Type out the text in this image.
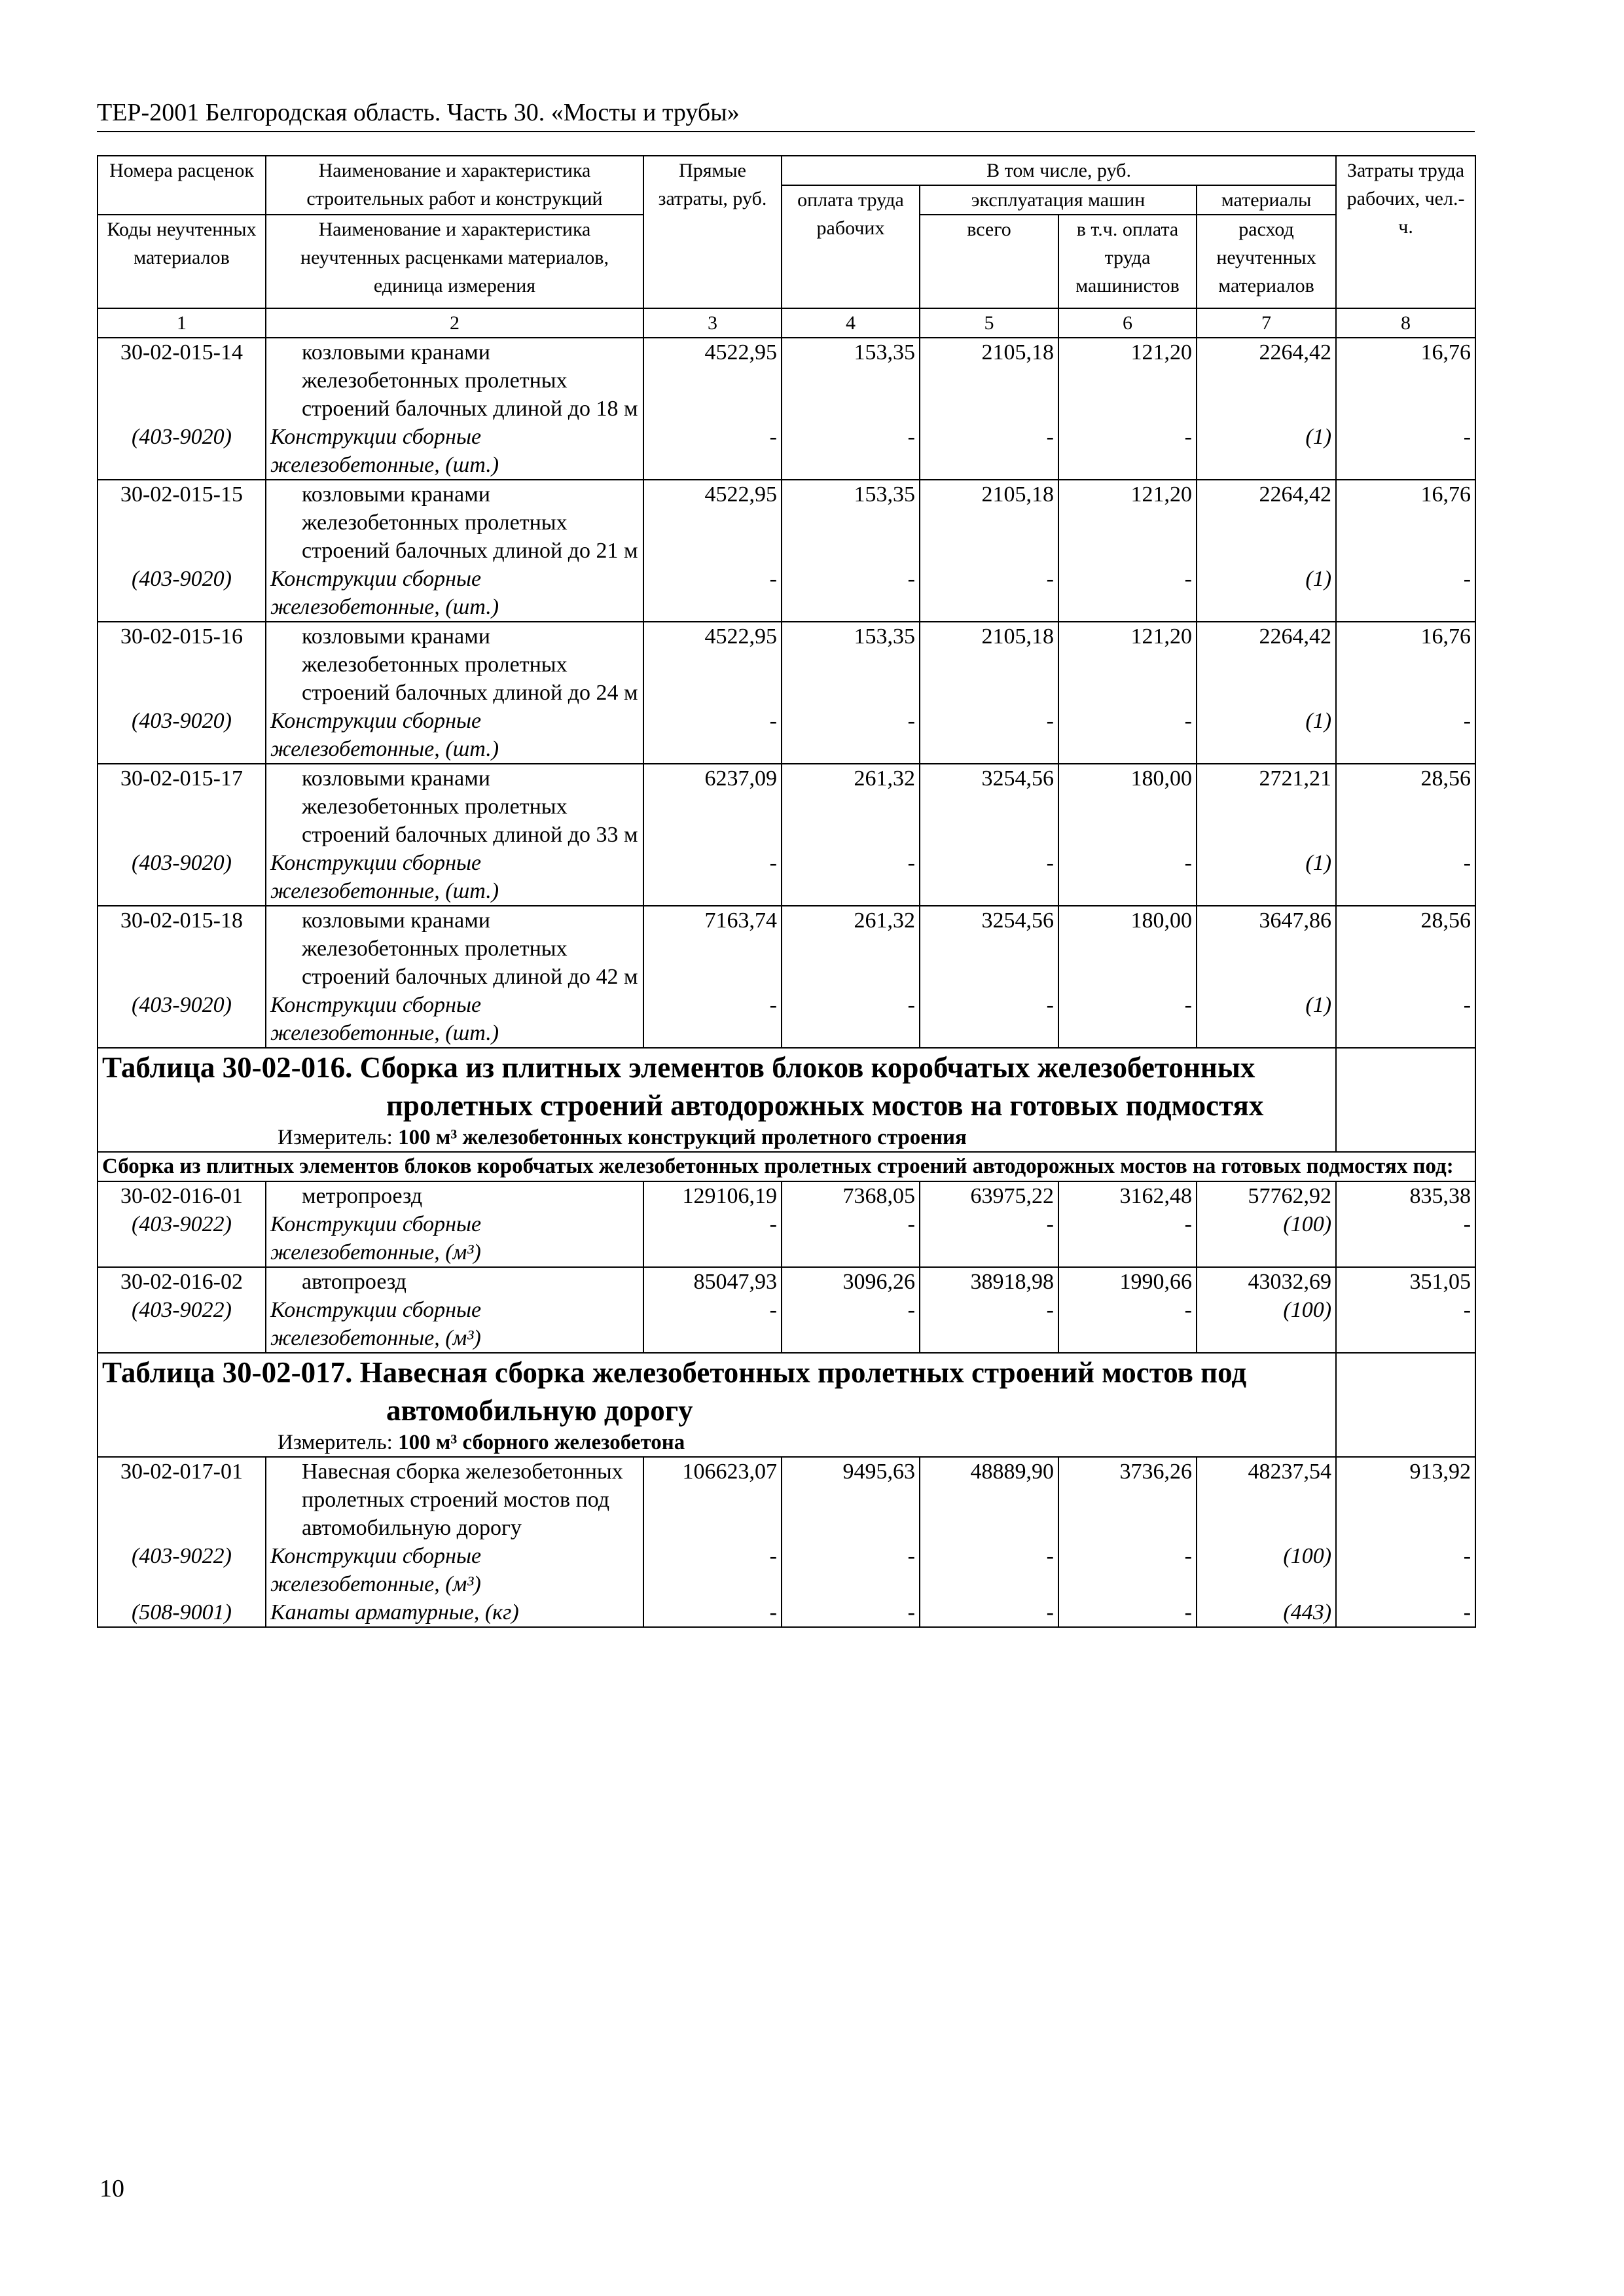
ТЕР-2001 Белгородская область. Часть 30. «Мосты и трубы»
Номера расценок	Наименование и характеристика строительных работ и конструкций	Прямые затраты, руб.	В том числе, руб.				Затраты труда рабочих, чел.-ч.
			оплата труда рабочих	эксплуатация машин		материалы	
Коды неучтенных материалов	Наименование и характеристика неучтенных расценками материалов, единица измерения			всего	в т.ч. оплата труда машинистов	расход неучтенных материалов	

1	2	3	4	5	6	7	8
30-02-015-14	козловыми кранами железобетонных пролетных строений балочных длиной до 18 м	4522,95	153,35	2105,18	121,20	2264,42	16,76
(403-9020)	Конструкции сборные железобетонные, (шт.)	-	-	-	-	(1)	-
30-02-015-15	козловыми кранами железобетонных пролетных строений балочных длиной до 21 м	4522,95	153,35	2105,18	121,20	2264,42	16,76
(403-9020)	Конструкции сборные железобетонные, (шт.)	-	-	-	-	(1)	-
30-02-015-16	козловыми кранами железобетонных пролетных строений балочных длиной до 24 м	4522,95	153,35	2105,18	121,20	2264,42	16,76
(403-9020)	Конструкции сборные железобетонные, (шт.)	-	-	-	-	(1)	-
30-02-015-17	козловыми кранами железобетонных пролетных строений балочных длиной до 33 м	6237,09	261,32	3254,56	180,00	2721,21	28,56
(403-9020)	Конструкции сборные железобетонные, (шт.)	-	-	-	-	(1)	-
30-02-015-18	козловыми кранами железобетонных пролетных строений балочных длиной до 42 м	7163,74	261,32	3254,56	180,00	3647,86	28,56
(403-9020)	Конструкции сборные железобетонные, (шт.)	-	-	-	-	(1)	-

Таблица 30-02-016. Сборка из плитных элементов блоков коробчатых железобетонных
пролетных строений автодорожных мостов на готовых подмостях
Измеритель: 100 м³ железобетонных конструкций пролетного строения							

Сборка из плитных элементов блоков коробчатых железобетонных пролетных строений автодорожных мостов на готовых подмостях под:							
30-02-016-01	метропроезд	129106,19	7368,05	63975,22	3162,48	57762,92	835,38
(403-9022)	Конструкции сборные железобетонные, (м³)	-	-	-	-	(100)	-
30-02-016-02	автопроезд	85047,93	3096,26	38918,98	1990,66	43032,69	351,05
(403-9022)	Конструкции сборные железобетонные, (м³)	-	-	-	-	(100)	-

Таблица 30-02-017. Навесная сборка железобетонных пролетных строений мостов под
автомобильную дорогу
Измеритель: 100 м³ сборного железобетона							

30-02-017-01	Навесная сборка железобетонных пролетных строений мостов под автомобильную дорогу	106623,07	9495,63	48889,90	3736,26	48237,54	913,92
(403-9022)	Конструкции сборные железобетонные, (м³)	-	-	-	-	(100)	-
(508-9001)	Канаты арматурные, (кг)	-	-	-	-	(443)	-
10
